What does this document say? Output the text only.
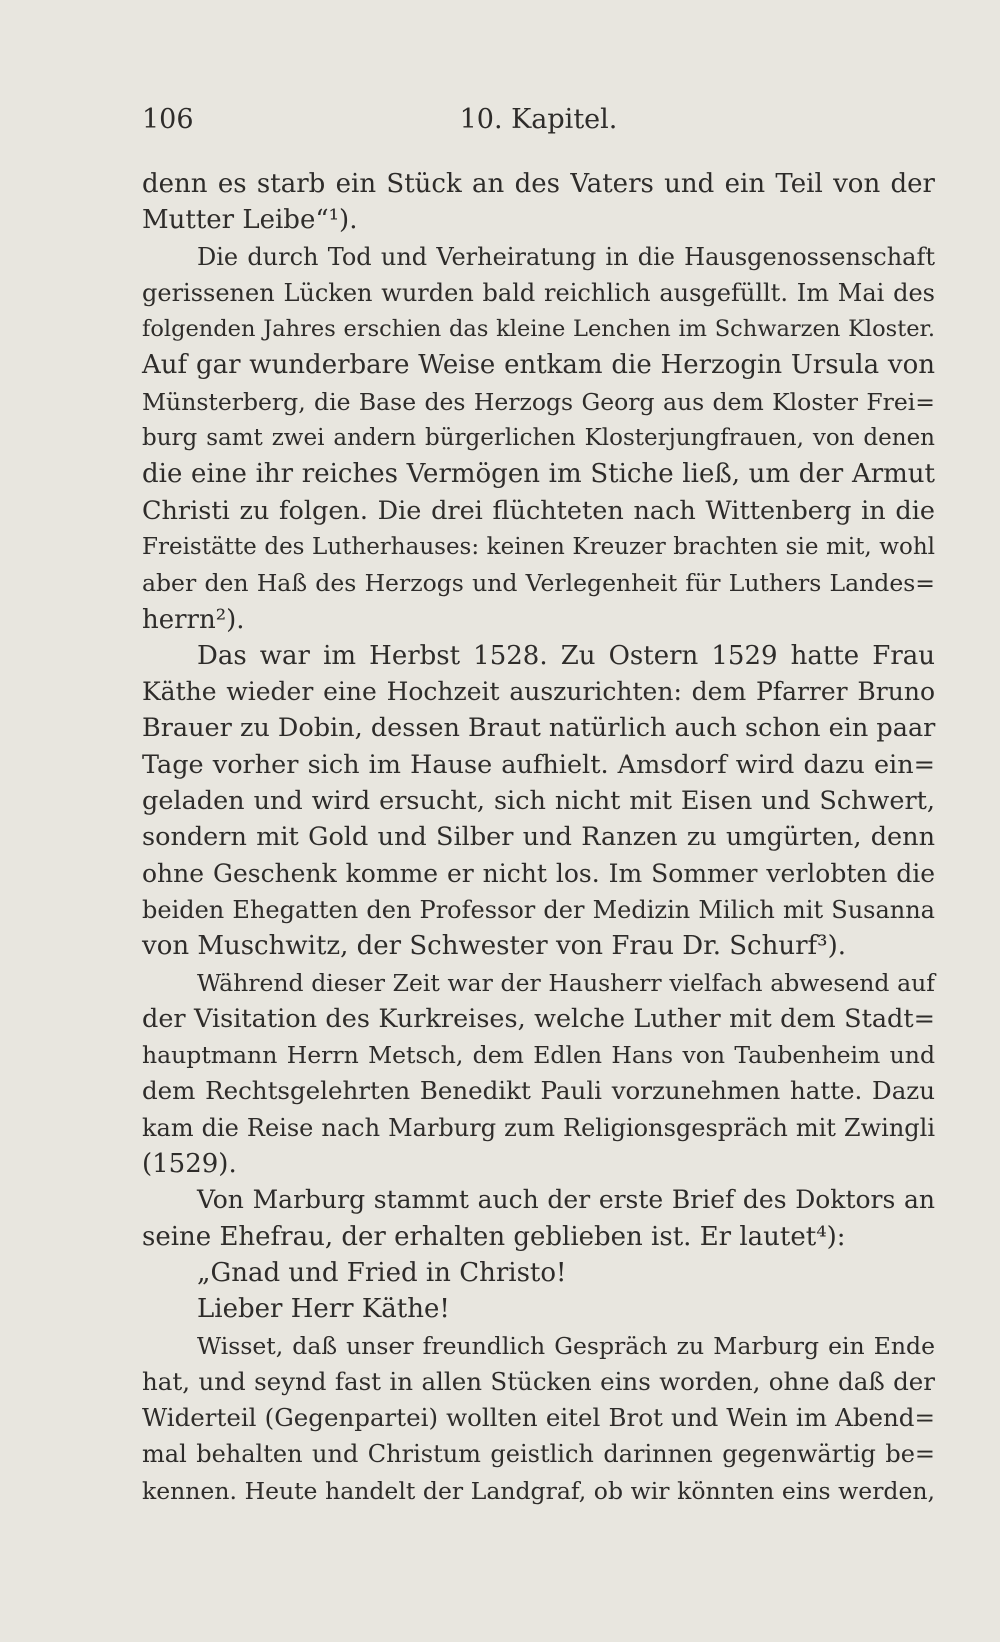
106	10. Kapitel.
denn es starb ein Stück an des Vaters und ein Teil von der
Mutter Leibe“¹).
Die durch Tod und Verheiratung in die Hausgenossenschaft
gerissenen Lücken wurden bald reichlich ausgefüllt. Im Mai des
folgenden Jahres erschien das kleine Lenchen im Schwarzen Kloster.
Auf gar wunderbare Weise entkam die Herzogin Ursula von
Münsterberg, die Base des Herzogs Georg aus dem Kloster Frei=
burg samt zwei andern bürgerlichen Klosterjungfrauen, von denen
die eine ihr reiches Vermögen im Stiche ließ, um der Armut
Christi zu folgen. Die drei flüchteten nach Wittenberg in die
Freistätte des Lutherhauses: keinen Kreuzer brachten sie mit, wohl
aber den Haß des Herzogs und Verlegenheit für Luthers Landes=
herrn²).
Das war im Herbst 1528. Zu Ostern 1529 hatte Frau
Käthe wieder eine Hochzeit auszurichten: dem Pfarrer Bruno
Brauer zu Dobin, dessen Braut natürlich auch schon ein paar
Tage vorher sich im Hause aufhielt. Amsdorf wird dazu ein=
geladen und wird ersucht, sich nicht mit Eisen und Schwert,
sondern mit Gold und Silber und Ranzen zu umgürten, denn
ohne Geschenk komme er nicht los. Im Sommer verlobten die
beiden Ehegatten den Professor der Medizin Milich mit Susanna
von Muschwitz, der Schwester von Frau Dr. Schurf³).
Während dieser Zeit war der Hausherr vielfach abwesend auf
der Visitation des Kurkreises, welche Luther mit dem Stadt=
hauptmann Herrn Metsch, dem Edlen Hans von Taubenheim und
dem Rechtsgelehrten Benedikt Pauli vorzunehmen hatte. Dazu
kam die Reise nach Marburg zum Religionsgespräch mit Zwingli
(1529).
Von Marburg stammt auch der erste Brief des Doktors an
seine Ehefrau, der erhalten geblieben ist. Er lautet⁴):
„Gnad und Fried in Christo!
Lieber Herr Käthe!
Wisset, daß unser freundlich Gespräch zu Marburg ein Ende
hat, und seynd fast in allen Stücken eins worden, ohne daß der
Widerteil (Gegenpartei) wollten eitel Brot und Wein im Abend=
mal behalten und Christum geistlich darinnen gegenwärtig be=
kennen. Heute handelt der Landgraf, ob wir könnten eins werden,
